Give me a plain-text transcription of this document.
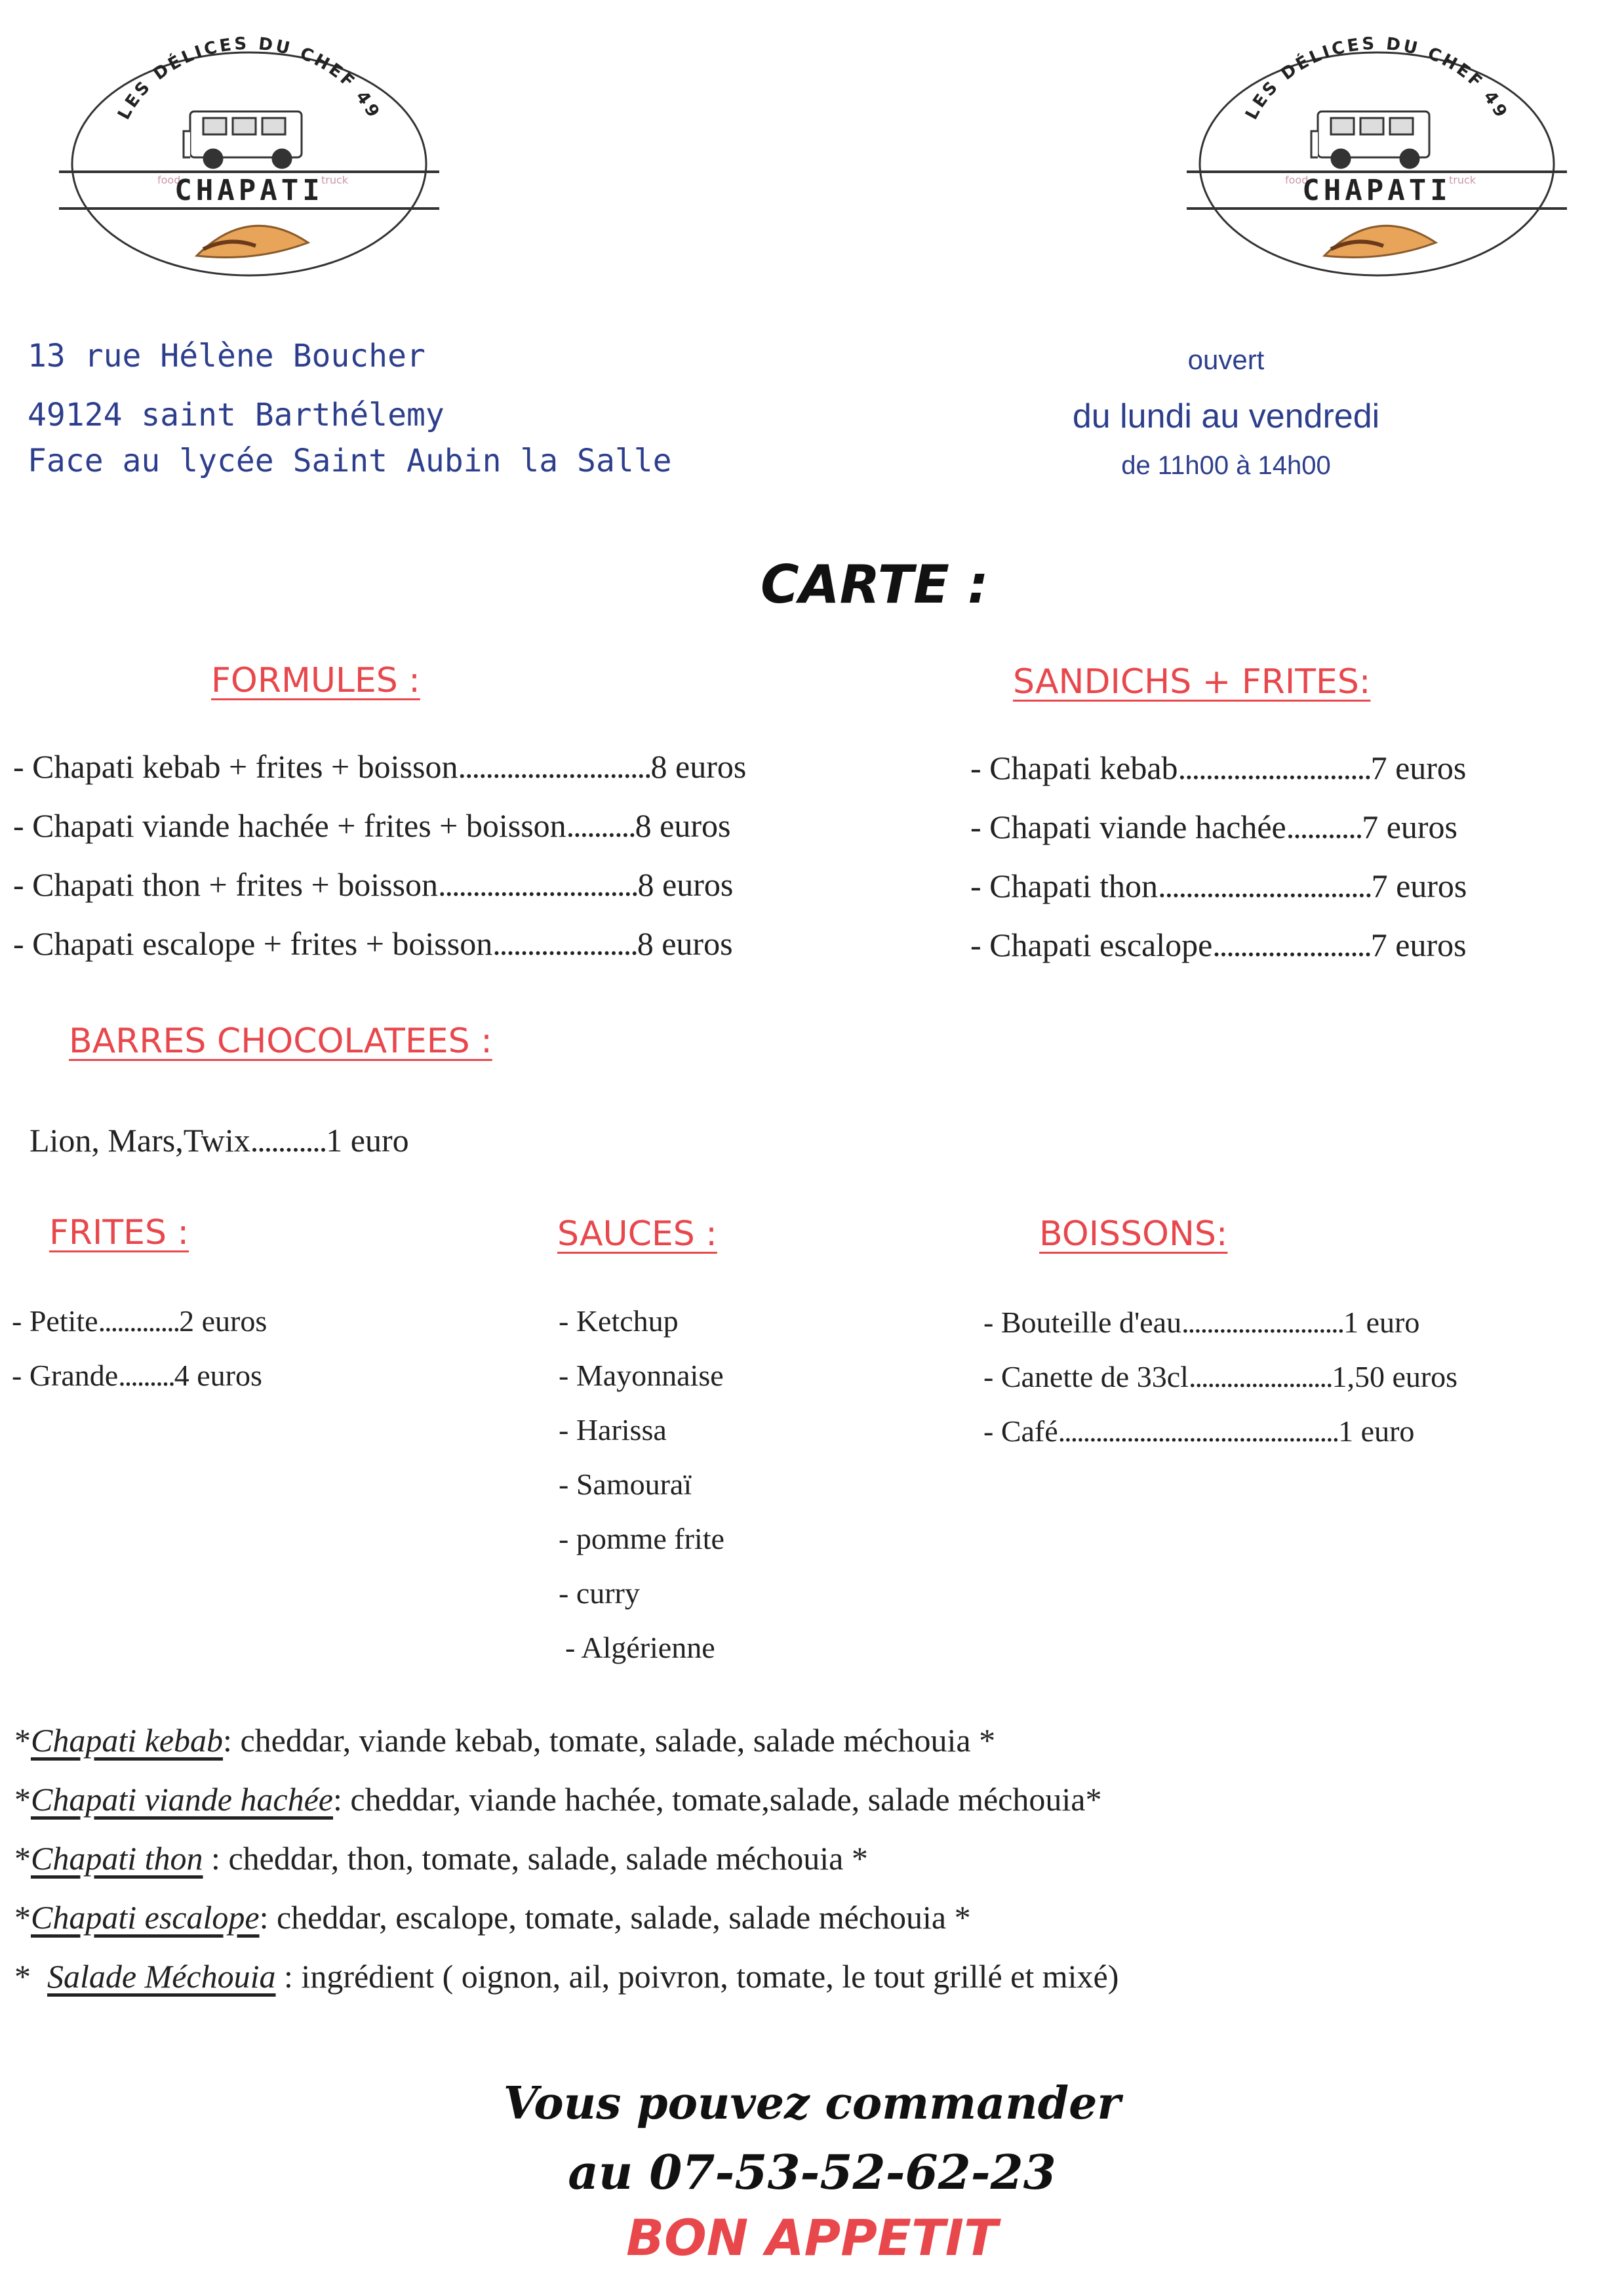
LES DÉLICES DU CHEF 49
food	truck
CHAPATI
LES DÉLICES DU CHEF 49
food	truck
CHAPATI
13 rue Hélène Boucher
49124 saint Barthélemy
Face au lycée Saint Aubin la Salle
ouvert
du lundi au vendredi
de 11h00 à 14h00
CARTE :
FORMULES :
- Chapati kebab + frites + boisson............................8 euros
- Chapati viande hachée + frites + boisson..........8 euros
- Chapati thon + frites + boisson.............................8 euros
- Chapati escalope + frites + boisson.....................8 euros
SANDICHS + FRITES:
- Chapati kebab............................7 euros
- Chapati viande hachée...........7 euros
- Chapati thon...............................7 euros
- Chapati escalope.......................7 euros
BARRES CHOCOLATEES :
Lion, Mars,Twix...........1 euro
FRITES :
- Petite.............2 euros
- Grande.........4 euros
SAUCES :
- Ketchup
- Mayonnaise
- Harissa
- Samouraï
- pomme frite
- curry
- Algérienne
BOISSONS:
- Bouteille d'eau..........................1 euro
- Canette de 33cl.......................1,50 euros
- Café.............................................1 euro
*Chapati kebab: cheddar, viande kebab, tomate, salade, salade méchouia *
*Chapati viande hachée: cheddar, viande hachée, tomate,salade, salade méchouia*
*Chapati thon : cheddar, thon, tomate, salade, salade méchouia *
*Chapati escalope: cheddar, escalope, tomate, salade, salade méchouia *
* Salade Méchouia : ingrédient ( oignon, ail, poivron, tomate, le tout grillé et mixé)
Vous pouvez commander
au 07-53-52-62-23
BON APPETIT
